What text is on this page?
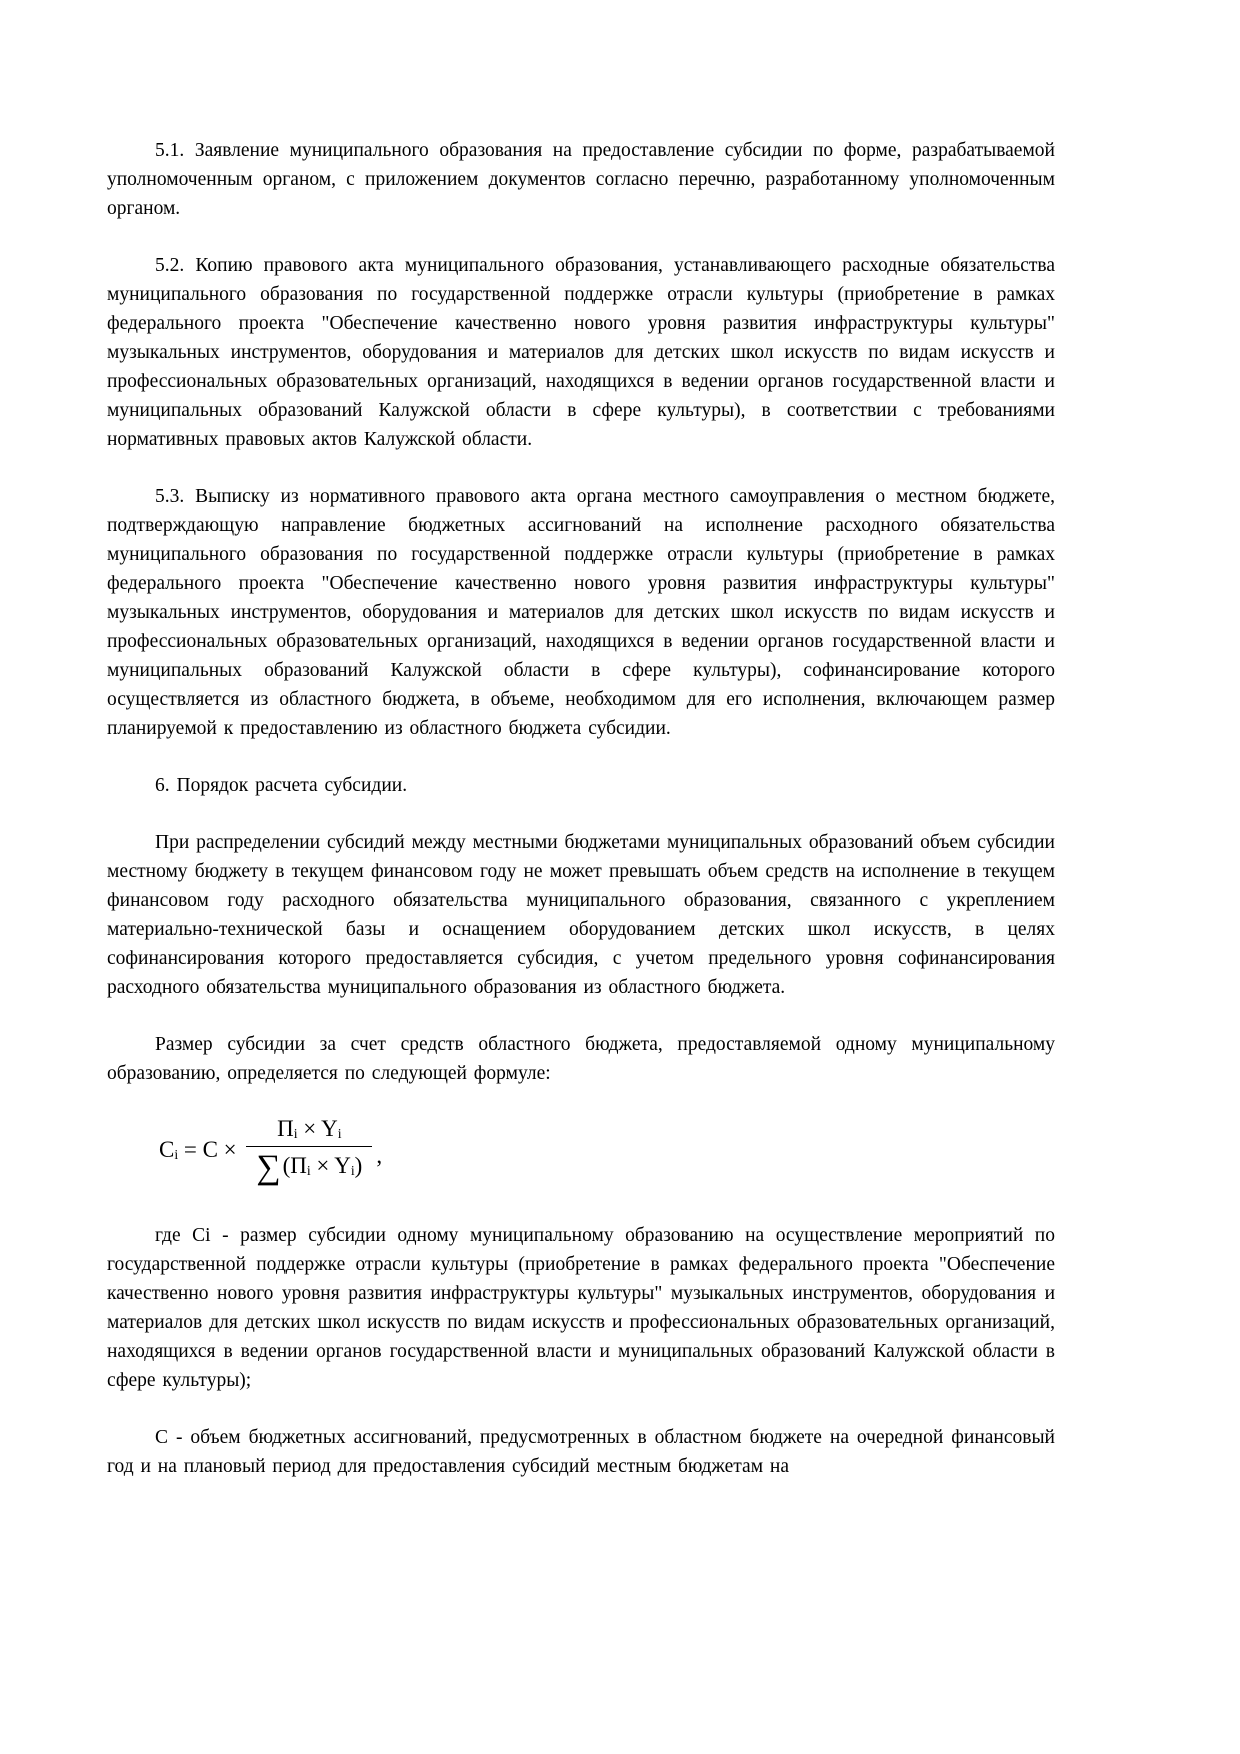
5.1. Заявление муниципального образования на предоставление субсидии по форме, разрабатываемой уполномоченным органом, с приложением документов согласно перечню, разработанному уполномоченным органом.

5.2. Копию правового акта муниципального образования, устанавливающего расходные обязательства муниципального образования по государственной поддержке отрасли культуры (приобретение в рамках федерального проекта "Обеспечение качественно нового уровня развития инфраструктуры культуры" музыкальных инструментов, оборудования и материалов для детских школ искусств по видам искусств и профессиональных образовательных организаций, находящихся в ведении органов государственной власти и муниципальных образований Калужской области в сфере культуры), в соответствии с требованиями нормативных правовых актов Калужской области.

5.3. Выписку из нормативного правового акта органа местного самоуправления о местном бюджете, подтверждающую направление бюджетных ассигнований на исполнение расходного обязательства муниципального образования по государственной поддержке отрасли культуры (приобретение в рамках федерального проекта "Обеспечение качественно нового уровня развития инфраструктуры культуры" музыкальных инструментов, оборудования и материалов для детских школ искусств по видам искусств и профессиональных образовательных организаций, находящихся в ведении органов государственной власти и муниципальных образований Калужской области в сфере культуры), софинансирование которого осуществляется из областного бюджета, в объеме, необходимом для его исполнения, включающем размер планируемой к предоставлению из областного бюджета субсидии.

6. Порядок расчета субсидии.

При распределении субсидий между местными бюджетами муниципальных образований объем субсидии местному бюджету в текущем финансовом году не может превышать объем средств на исполнение в текущем финансовом году расходного обязательства муниципального образования, связанного с укреплением материально-технической базы и оснащением оборудованием детских школ искусств, в целях софинансирования которого предоставляется субсидия, с учетом предельного уровня софинансирования расходного обязательства муниципального образования из областного бюджета.

Размер субсидии за счет средств областного бюджета, предоставляемой одному муниципальному образованию, определяется по следующей формуле:

Cᵢ = $C \times \frac{\text{Пᵢ × Yᵢ}}{\text{∑ (Пᵢ × Yᵢ)}}$ ,

где Сi - размер субсидии одному муниципальному образованию на осуществление мероприятий по государственной поддержке отрасли культуры (приобретение в рамках федерального проекта "Обеспечение качественно нового уровня развития инфраструктуры культуры" музыкальных инструментов, оборудования и материалов для детских школ искусств по видам искусств и профессиональных образовательных организаций, находящихся в ведении органов государственной власти и муниципальных образований Калужской области в сфере культуры);

С - объем бюджетных ассигнований, предусмотренных в областном бюджете на очередной финансовый год и на плановый период для предоставления субсидий местным бюджетам на
